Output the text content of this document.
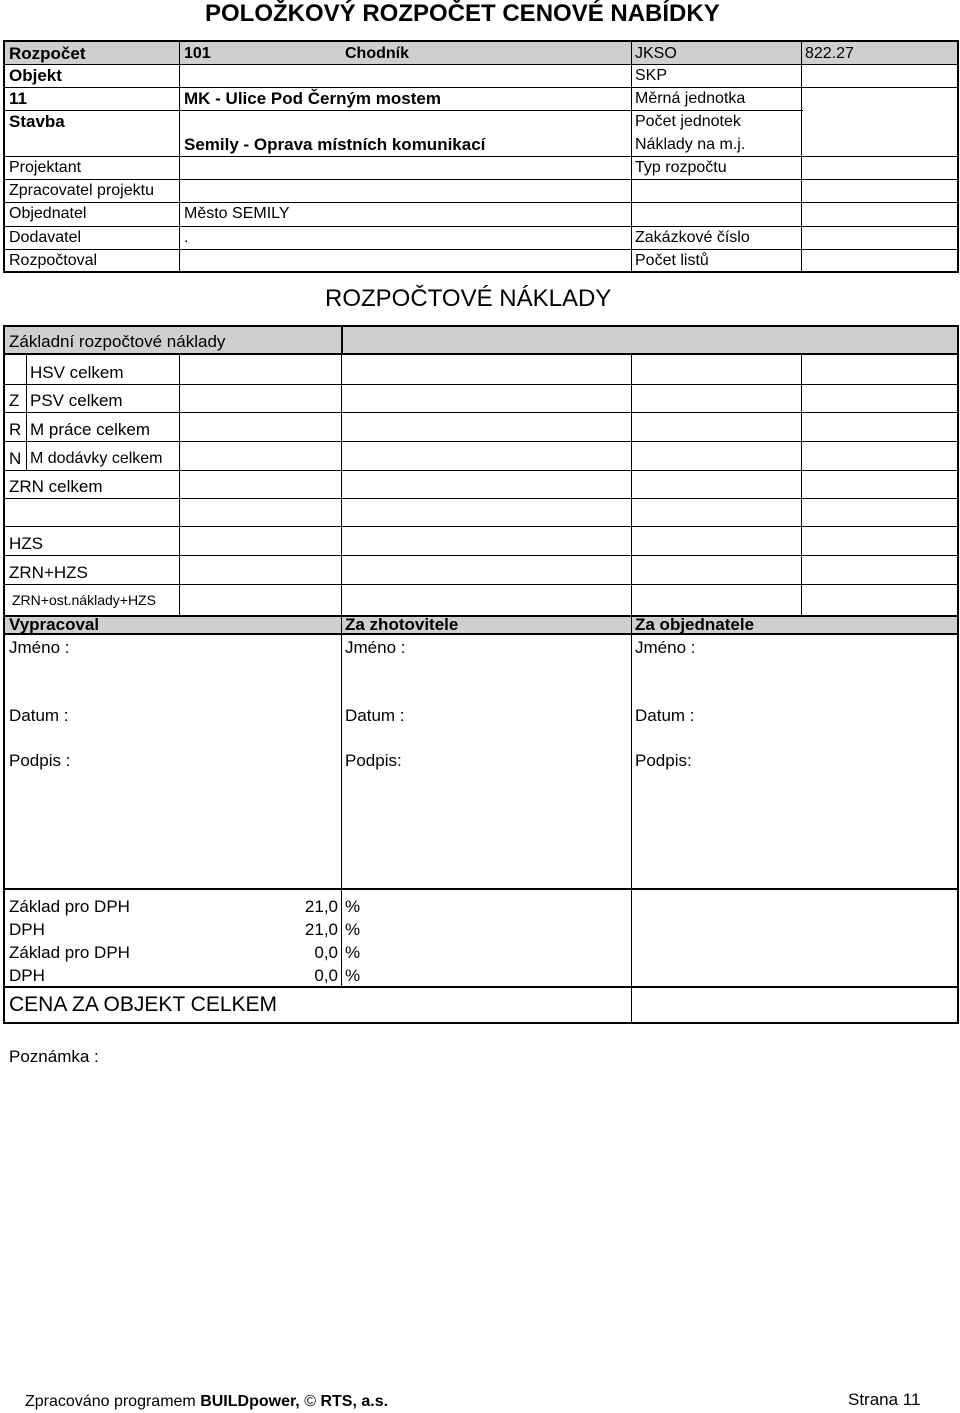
POLOŽKOVÝ ROZPOČET CENOVÉ NABÍDKY
Rozpočet	101	Chodník	JKSO	822.27
Objekt	SKP
11	MK - Ulice Pod Černým mostem	Měrná jednotka
Stavba	Počet jednotek
Semily - Oprava místních komunikací	Náklady na m.j.
Projektant	Typ rozpočtu
Zpracovatel projektu
Objednatel	Město SEMILY
Dodavatel	.	Zakázkové číslo
Rozpočtoval	Počet listů
ROZPOČTOVÉ NÁKLADY
Základní rozpočtové náklady
HSV celkem
Z PSV celkem
R M práce celkem
N M dodávky celkem
ZRN celkem
HZS
ZRN+HZS
ZRN+ost.náklady+HZS
Vypracoval	Za zhotovitele	Za objednatele
Jméno :	Jméno :	Jméno :
Datum :	Datum :	Datum :
Podpis :	Podpis:	Podpis:
Základ pro DPH	21,0 %
DPH	21,0 %
Základ pro DPH	0,0 %
DPH	0,0 %
CENA ZA OBJEKT CELKEM
Poznámka :
Zpracováno programem BUILDpower, © RTS, a.s.	Strana 11
